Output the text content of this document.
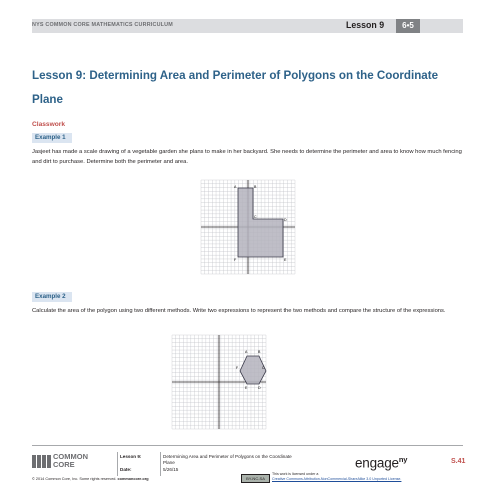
NYS COMMON CORE MATHEMATICS CURRICULUM	Lesson 9	6•5
Lesson 9: Determining Area and Perimeter of Polygons on the Coordinate Plane
Classwork
Example 1
Jasjeet has made a scale drawing of a vegetable garden she plans to make in her backyard. She needs to determine the perimeter and area to know how much fencing and dirt to purchase. Determine both the perimeter and area.
A	B
C
D
E
F
Example 2
Calculate the area of the polygon using two different methods. Write two expressions to represent the two methods and compare the structure of the expressions.
A	B
C
D
E
F
COMMON
CORE
Lesson 9:
Date:
Determining Area and Perimeter of Polygons on the Coordinate
Plane
5/26/15
© 2014 Common Core, Inc. Some rights reserved. commoncore.org
engage$^{ny}$	S.41
BY-NC-SA
This work is licensed under a
Creative Commons Attribution-NonCommercial-ShareAlike 3.0 Unported License.
